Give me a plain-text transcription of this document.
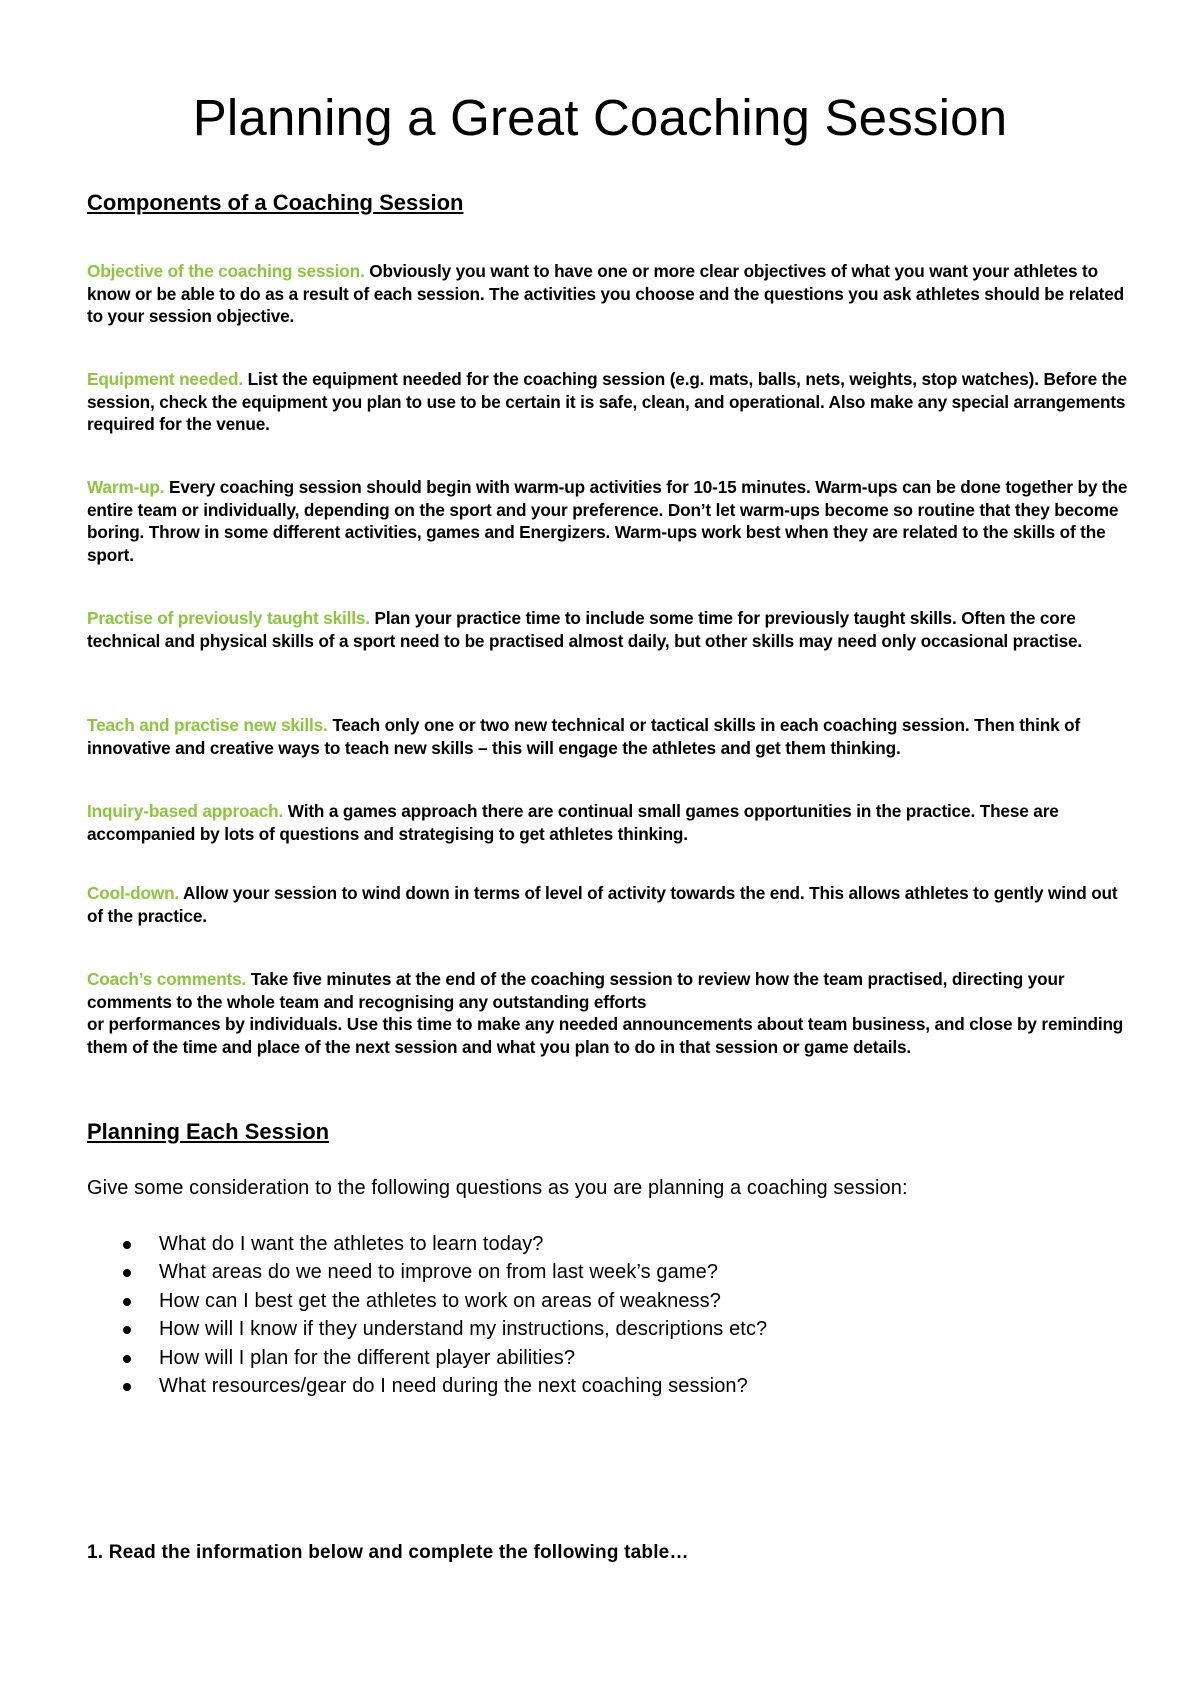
Planning a Great Coaching Session
Components of a Coaching Session

Objective of the coaching session. Obviously you want to have one or more clear objectives of what you want your athletes to know or be able to do as a result of each session. The activities you choose and the questions you ask athletes should be related to your session objective.

Equipment needed. List the equipment needed for the coaching session (e.g. mats, balls, nets, weights, stop watches). Before the session, check the equipment you plan to use to be certain it is safe, clean, and operational. Also make any special arrangements required for the venue.

Warm-up. Every coaching session should begin with warm-up activities for 10-15 minutes. Warm-ups can be done together by the entire team or individually, depending on the sport and your preference. Don’t let warm-ups become so routine that they become boring. Throw in some different activities, games and Energizers. Warm-ups work best when they are related to the skills of the sport.

Practise of previously taught skills. Plan your practice time to include some time for previously taught skills. Often the core technical and physical skills of a sport need to be practised almost daily, but other skills may need only occasional practise.

Teach and practise new skills. Teach only one or two new technical or tactical skills in each coaching session. Then think of innovative and creative ways to teach new skills – this will engage the athletes and get them thinking.

Inquiry-based approach. With a games approach there are continual small games opportunities in the practice. These are accompanied by lots of questions and strategising to get athletes thinking.

Cool-down. Allow your session to wind down in terms of level of activity towards the end. This allows athletes to gently wind out of the practice.

Coach’s comments. Take five minutes at the end of the coaching session to review how the team practised, directing your comments to the whole team and recognising any outstanding efforts
or performances by individuals. Use this time to make any needed announcements about team business, and close by reminding them of the time and place of the next session and what you plan to do in that session or game details.

Planning Each Session

Give some consideration to the following questions as you are planning a coaching session:

What do I want the athletes to learn today?
What areas do we need to improve on from last week’s game?
How can I best get the athletes to work on areas of weakness?
How will I know if they understand my instructions, descriptions etc?
How will I plan for the different player abilities?
What resources/gear do I need during the next coaching session?

1. Read the information below and complete the following table…
